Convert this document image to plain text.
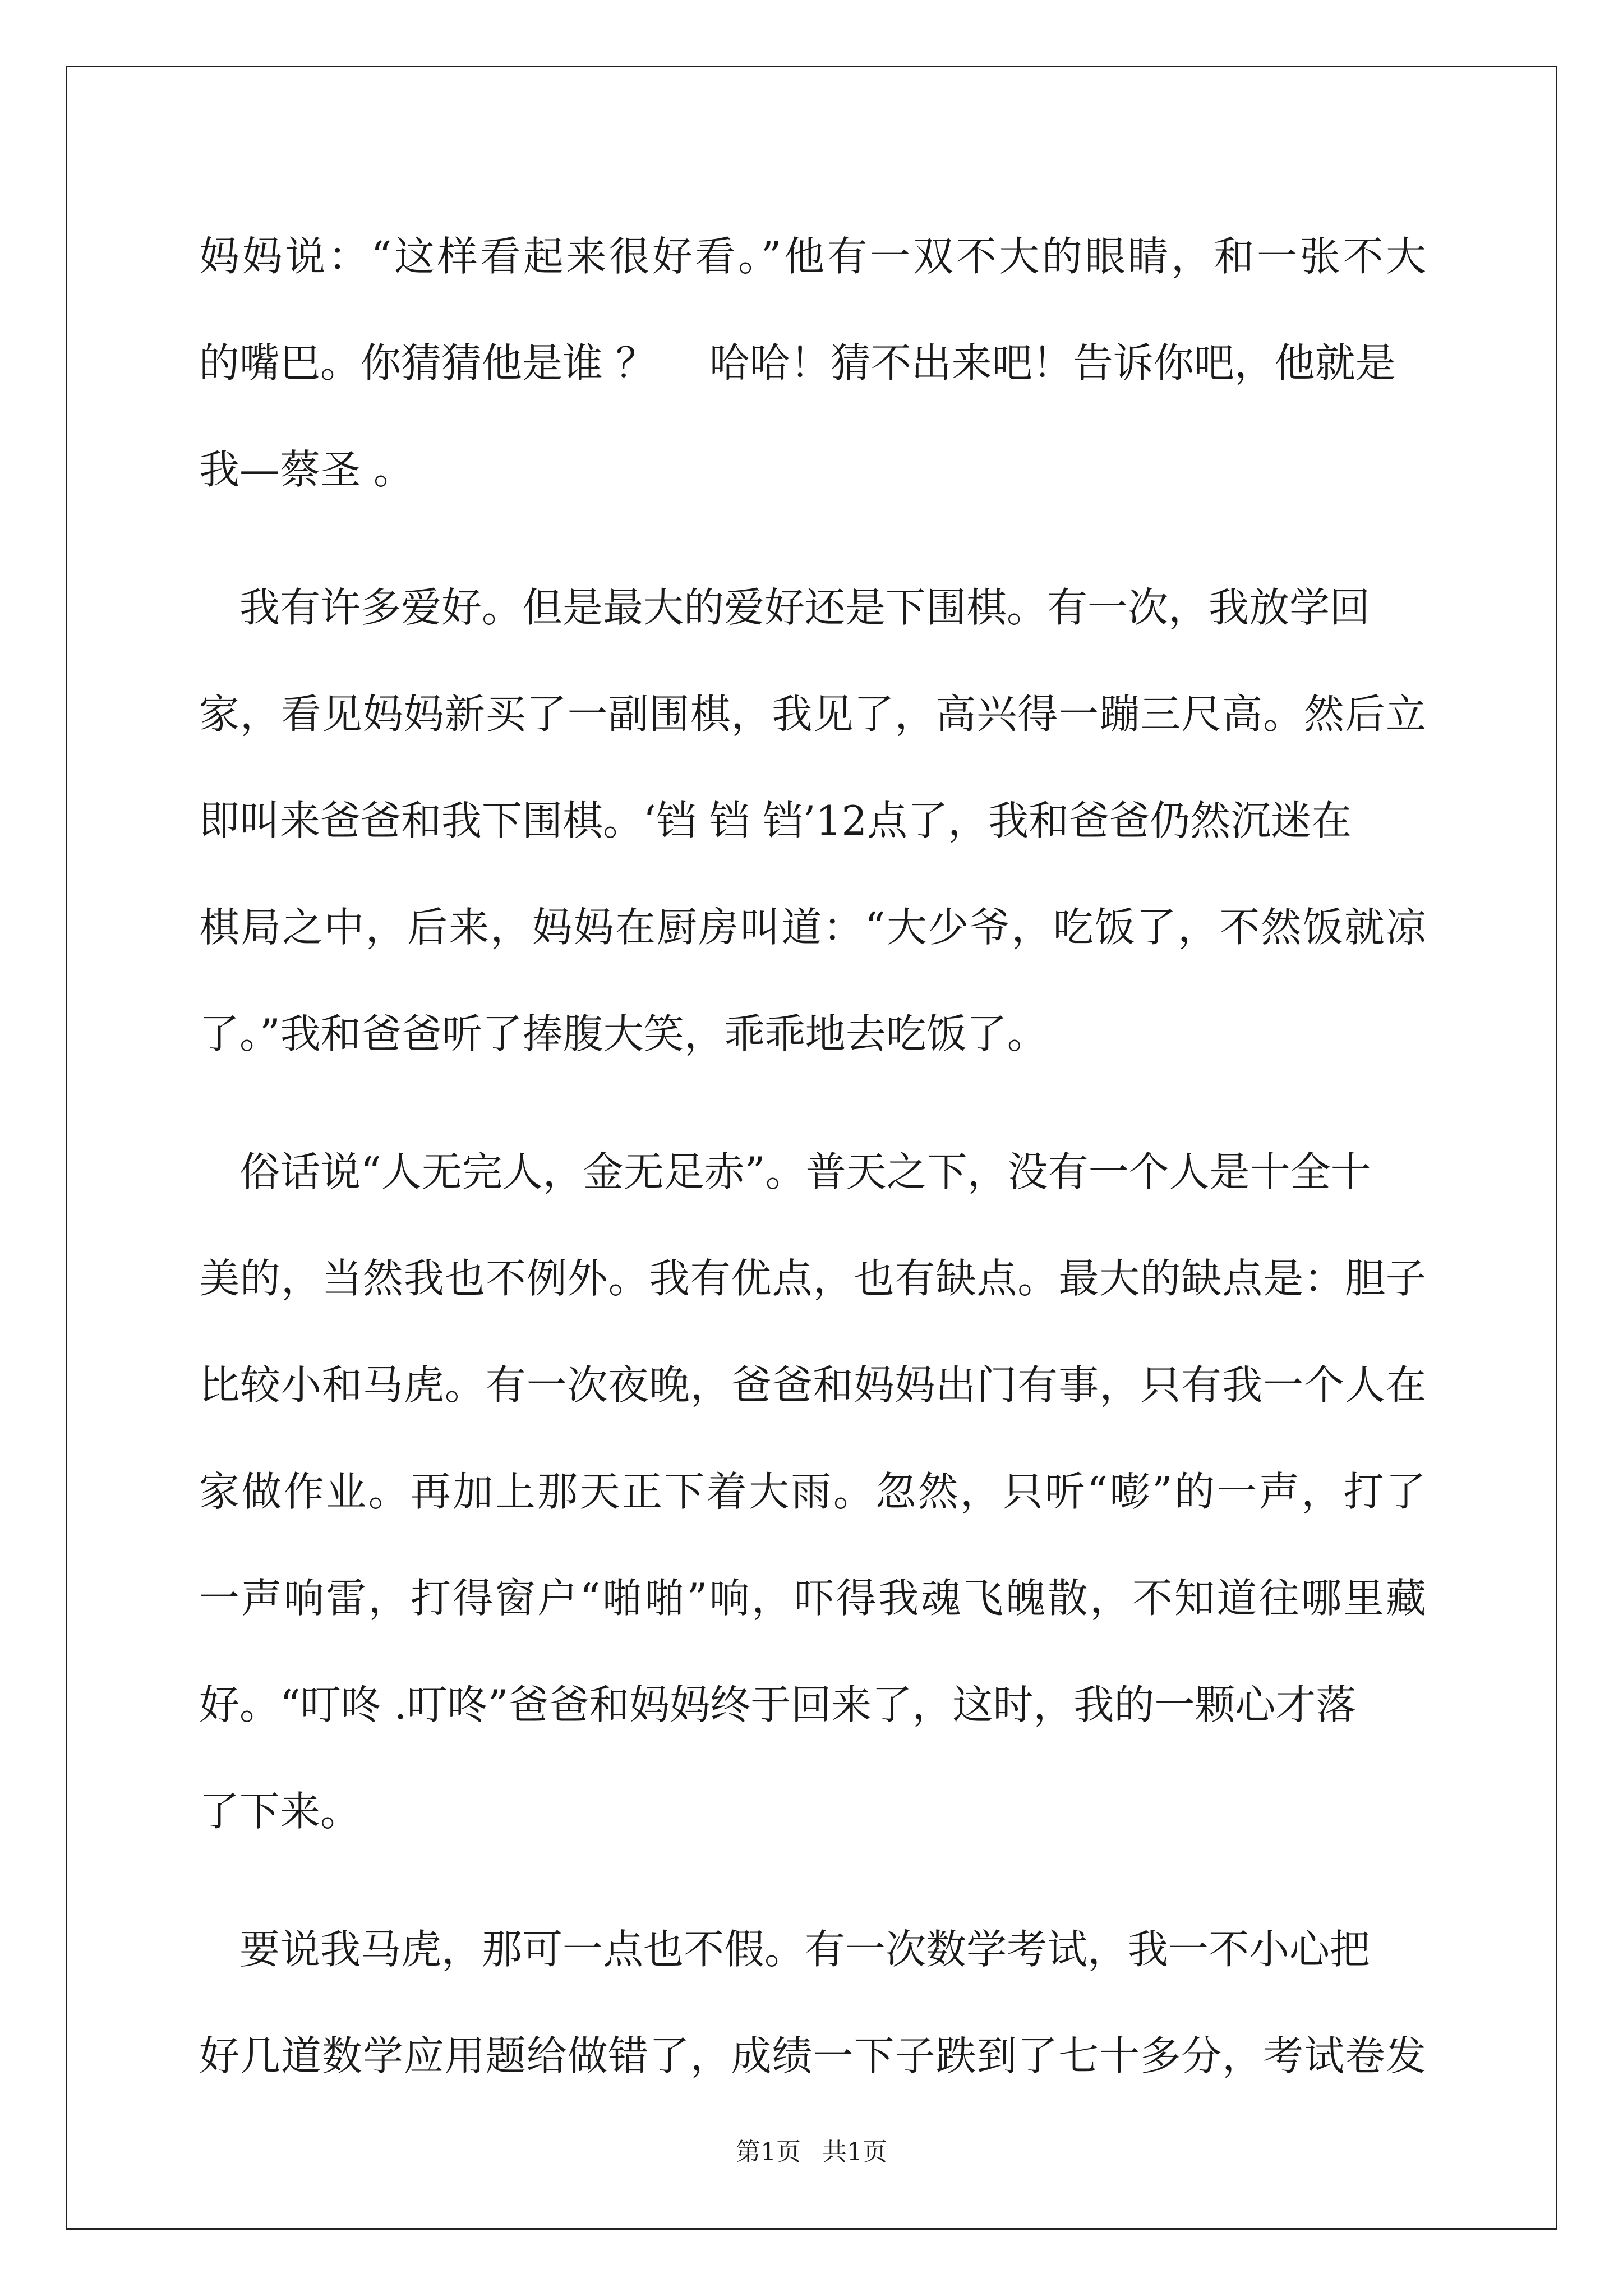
妈妈说：“这样看起来很好看。”他有一双不大的眼睛，和一张不大
的嘴巴。你猜猜他是谁 ？　 哈哈！猜不出来吧！告诉你吧，他就是
我—蔡圣 。
　我有许多爱好。但是最大的爱好还是下围棋。有一次，我放学回
家，看见妈妈新买了一副围棋，我见了，高兴得一蹦三尺高。然后立
即叫来爸爸和我下围棋。‘铛 铛 铛’12点了，我和爸爸仍然沉迷在
棋局之中，后来，妈妈在厨房叫道：“大少爷，吃饭了，不然饭就凉
了。”我和爸爸听了捧腹大笑，乖乖地去吃饭了。
　俗话说“人无完人，金无足赤”。普天之下，没有一个人是十全十
美的，当然我也不例外。我有优点，也有缺点。最大的缺点是：胆子
比较小和马虎。有一次夜晚，爸爸和妈妈出门有事，只有我一个人在
家做作业。再加上那天正下着大雨。忽然，只听“嘭”的一声，打了
一声响雷，打得窗户“啪啪”响，吓得我魂飞魄散，不知道往哪里藏
好。“叮咚 .叮咚”爸爸和妈妈终于回来了，这时，我的一颗心才落
了下来。
　要说我马虎，那可一点也不假。有一次数学考试，我一不小心把
好几道数学应用题给做错了，成绩一下子跌到了七十多分，考试卷发
第1页 共1页
